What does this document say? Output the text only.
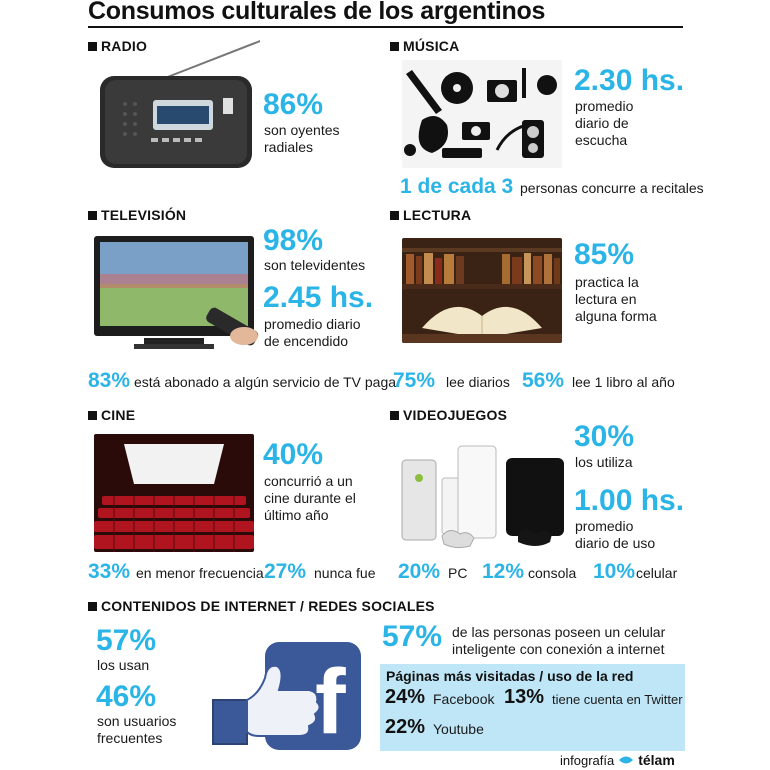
Consumos culturales de los argentinos
RADIO
86%
son oyentes
radiales
MÚSICA
2.30 hs.
promedio
diario de
escucha
1 de cada 3 personas concurre a recitales
TELEVISIÓN
98%
son televidentes
2.45 hs.
promedio diario
de encendido
83% está abonado a algún servicio de TV paga
LECTURA
85%
practica la
lectura en
alguna forma
75% lee diarios 56% lee 1 libro al año
CINE
40%
concurrió a un
cine durante el
último año
33% en menor frecuencia 27% nunca fue
VIDEOJUEGOS
30%
los utiliza
1.00 hs.
promedio
diario de uso
20% PC 12% consola 10% celular
CONTENIDOS DE INTERNET / REDES SOCIALES
57%
los usan
46%
son usuarios
frecuentes f
57% de las personas poseen un celular
inteligente con conexión a internet
Páginas más visitadas / uso de la red
24% Facebook 13% tiene cuenta en Twitter
22% Youtube
infografía télam
